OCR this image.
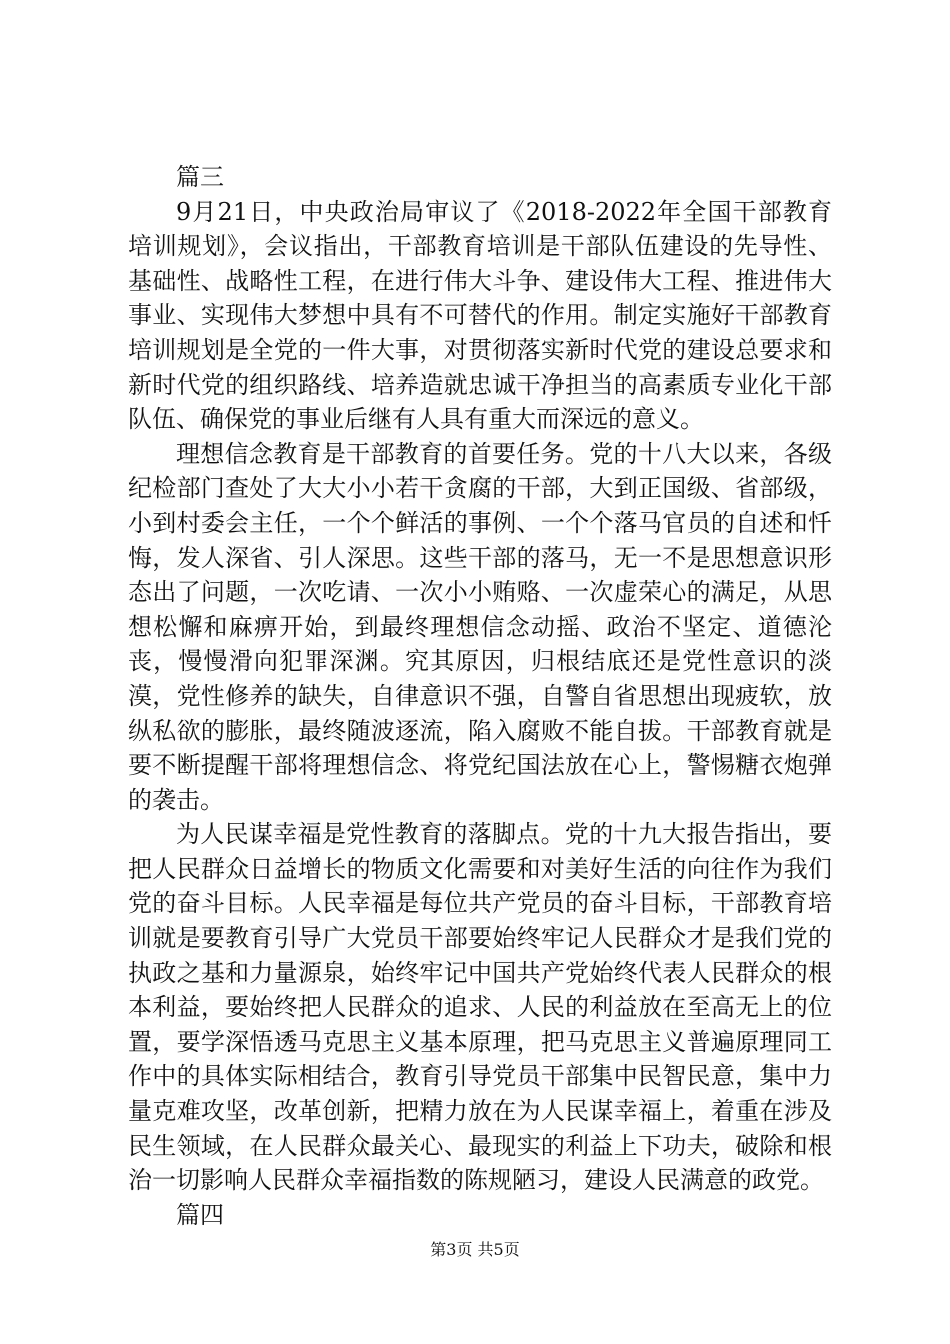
篇三

9月21日，中央政治局审议了《2018-2022年全国干部教育培训规划》，会议指出，干部教育培训是干部队伍建设的先导性、基础性、战略性工程，在进行伟大斗争、建设伟大工程、推进伟大事业、实现伟大梦想中具有不可替代的作用。制定实施好干部教育培训规划是全党的一件大事，对贯彻落实新时代党的建设总要求和新时代党的组织路线、培养造就忠诚干净担当的高素质专业化干部队伍、确保党的事业后继有人具有重大而深远的意义。

理想信念教育是干部教育的首要任务。党的十八大以来，各级纪检部门查处了大大小小若干贪腐的干部，大到正国级、省部级，小到村委会主任，一个个鲜活的事例、一个个落马官员的自述和忏悔，发人深省、引人深思。这些干部的落马，无一不是思想意识形态出了问题，一次吃请、一次小小贿赂、一次虚荣心的满足，从思想松懈和麻痹开始，到最终理想信念动摇、政治不坚定、道德沦丧，慢慢滑向犯罪深渊。究其原因，归根结底还是党性意识的淡漠，党性修养的缺失，自律意识不强，自警自省思想出现疲软，放纵私欲的膨胀，最终随波逐流，陷入腐败不能自拔。干部教育就是要不断提醒干部将理想信念、将党纪国法放在心上，警惕糖衣炮弹的袭击。

为人民谋幸福是党性教育的落脚点。党的十九大报告指出，要把人民群众日益增长的物质文化需要和对美好生活的向往作为我们党的奋斗目标。人民幸福是每位共产党员的奋斗目标，干部教育培训就是要教育引导广大党员干部要始终牢记人民群众才是我们党的执政之基和力量源泉，始终牢记中国共产党始终代表人民群众的根本利益，要始终把人民群众的追求、人民的利益放在至高无上的位置，要学深悟透马克思主义基本原理，把马克思主义普遍原理同工作中的具体实际相结合，教育引导党员干部集中民智民意，集中力量克难攻坚，改革创新，把精力放在为人民谋幸福上，着重在涉及民生领域，在人民群众最关心、最现实的利益上下功夫，破除和根治一切影响人民群众幸福指数的陈规陋习，建设人民满意的政党。

篇四

第3页 共5页
